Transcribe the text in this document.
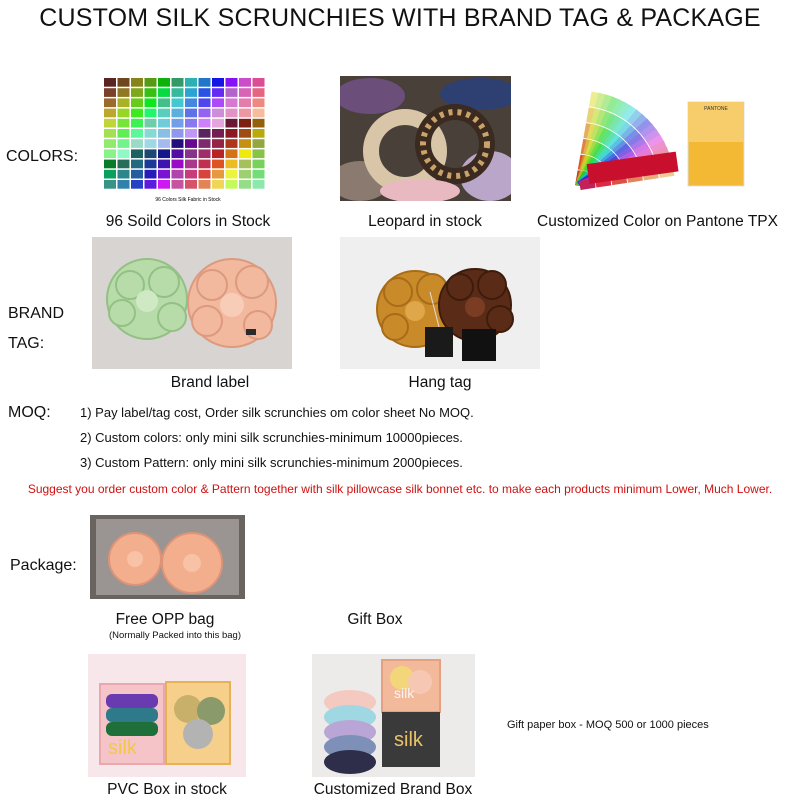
CUSTOM SILK SCRUNCHIES WITH BRAND TAG & PACKAGE
COLORS:
96 Colors Silk Fabric in Stock
96 Soild Colors in Stock	Leopard in stock
PANTONE
Customized Color on Pantone TPX
BRAND
TAG:
Brand label	Hang tag
MOQ: 1) Pay label/tag cost, Order silk scrunchies om color sheet No MOQ.
2) Custom colors: only mini silk scrunchies-minimum 10000pieces.
3) Custom Pattern: only mini silk scrunchies-minimum 2000pieces.
Suggest you order custom color & Pattern together with silk pillowcase silk bonnet etc. to make each products minimum Lower, Much Lower.
Package:
Free OPP bag
(Normally Packed into this bag)
Gift Box
silk
PVC Box in stock
silk
silk
Customized Brand Box
Gift paper box - MOQ 500 or 1000 pieces
